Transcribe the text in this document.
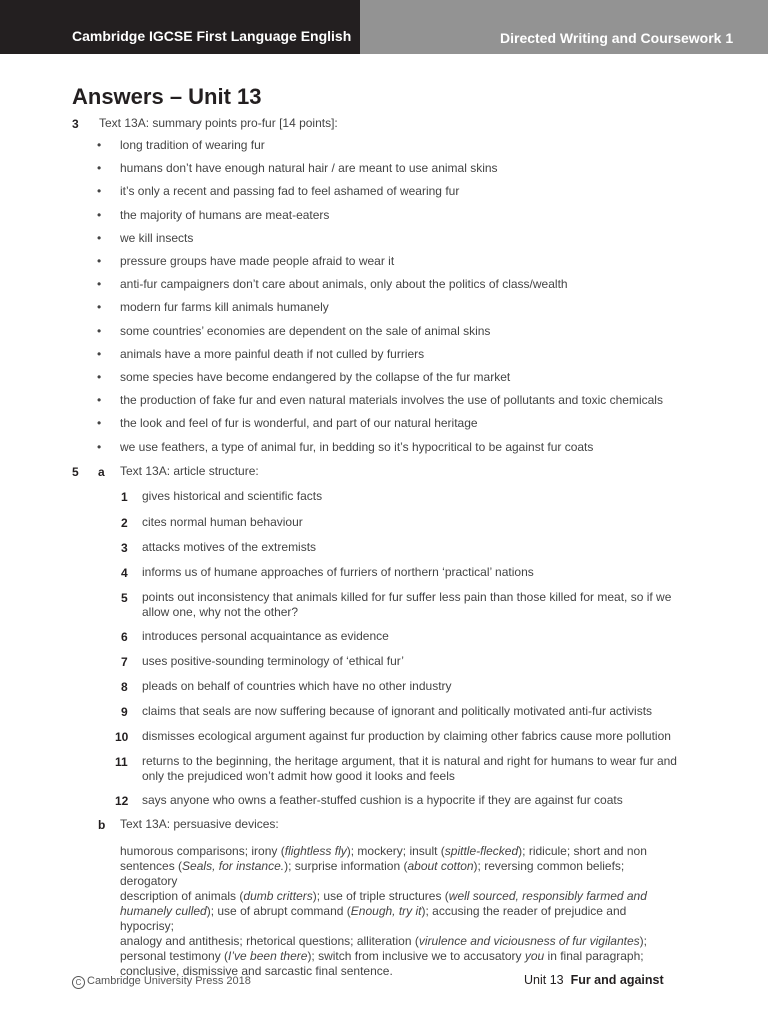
Cambridge IGCSE First Language English	Directed Writing and Coursework 1
Answers – Unit 13
3 Text 13A: summary points pro-fur [14 points]:
• long tradition of wearing fur
• humans don’t have enough natural hair / are meant to use animal skins
• it’s only a recent and passing fad to feel ashamed of wearing fur
• the majority of humans are meat-eaters
• we kill insects
• pressure groups have made people afraid to wear it
• anti-fur campaigners don’t care about animals, only about the politics of class/wealth
• modern fur farms kill animals humanely
• some countries’ economies are dependent on the sale of animal skins
• animals have a more painful death if not culled by furriers
• some species have become endangered by the collapse of the fur market
• the production of fake fur and even natural materials involves the use of pollutants and toxic chemicals
• the look and feel of fur is wonderful, and part of our natural heritage
• we use feathers, a type of animal fur, in bedding so it’s hypocritical to be against fur coats
5 a Text 13A: article structure:
1 gives historical and scientific facts
2 cites normal human behaviour
3 attacks motives of the extremists
4 informs us of humane approaches of furriers of northern ‘practical’ nations
5 points out inconsistency that animals killed for fur suffer less pain than those killed for meat, so if we
allow one, why not the other?
6 introduces personal acquaintance as evidence
7 uses positive-sounding terminology of ‘ethical fur’
8 pleads on behalf of countries which have no other industry
9 claims that seals are now suffering because of ignorant and politically motivated anti-fur activists
10 dismisses ecological argument against fur production by claiming other fabrics cause more pollution
11 returns to the beginning, the heritage argument, that it is natural and right for humans to wear fur and
only the prejudiced won’t admit how good it looks and feels
12 says anyone who owns a feather-stuffed cushion is a hypocrite if they are against fur coats
b Text 13A: persuasive devices:
humorous comparisons; irony (flightless fly); mockery; insult (spittle-flecked); ridicule; short and non
sentences (Seals, for instance.); surprise information (about cotton); reversing common beliefs; derogatory
description of animals (dumb critters); use of triple structures (well sourced, responsibly farmed and
humanely culled); use of abrupt command (Enough, try it); accusing the reader of prejudice and hypocrisy;
analogy and antithesis; rhetorical questions; alliteration (virulence and viciousness of fur vigilantes);
personal testimony (I’ve been there); switch from inclusive we to accusatory you in final paragraph;
conclusive, dismissive and sarcastic final sentence.
C Cambridge University Press 2018	Unit 13 Fur and against
